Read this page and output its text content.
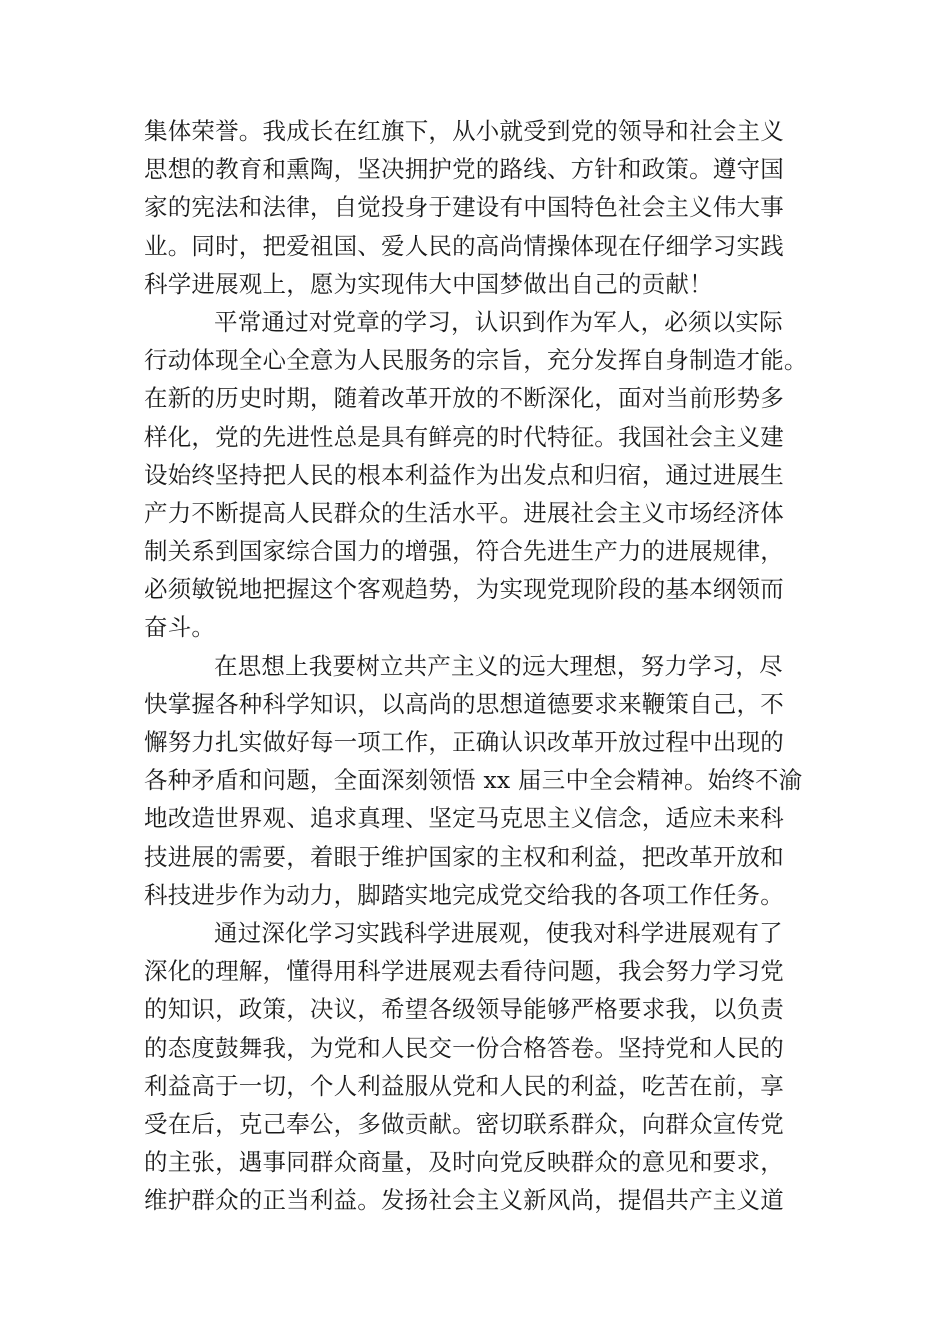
集体荣誉。我成长在红旗下，从小就受到党的领导和社会主义
思想的教育和熏陶，坚决拥护党的路线、方针和政策。遵守国
家的宪法和法律，自觉投身于建设有中国特色社会主义伟大事
业。同时，把爱祖国、爱人民的高尚情操体现在仔细学习实践
科学进展观上，愿为实现伟大中国梦做出自己的贡献！
平常通过对党章的学习，认识到作为军人，必须以实际
行动体现全心全意为人民服务的宗旨，充分发挥自身制造才能。
在新的历史时期，随着改革开放的不断深化，面对当前形势多
样化，党的先进性总是具有鲜亮的时代特征。我国社会主义建
设始终坚持把人民的根本利益作为出发点和归宿，通过进展生
产力不断提高人民群众的生活水平。进展社会主义市场经济体
制关系到国家综合国力的增强，符合先进生产力的进展规律，
必须敏锐地把握这个客观趋势，为实现党现阶段的基本纲领而
奋斗。
在思想上我要树立共产主义的远大理想，努力学习，尽
快掌握各种科学知识，以高尚的思想道德要求来鞭策自己，不
懈努力扎实做好每一项工作，正确认识改革开放过程中出现的
各种矛盾和问题，全面深刻领悟 xx 届三中全会精神。始终不渝
地改造世界观、追求真理、坚定马克思主义信念，适应未来科
技进展的需要，着眼于维护国家的主权和利益，把改革开放和
科技进步作为动力，脚踏实地完成党交给我的各项工作任务。
通过深化学习实践科学进展观，使我对科学进展观有了
深化的理解，懂得用科学进展观去看待问题，我会努力学习党
的知识，政策，决议，希望各级领导能够严格要求我，以负责
的态度鼓舞我，为党和人民交一份合格答卷。坚持党和人民的
利益高于一切，个人利益服从党和人民的利益，吃苦在前，享
受在后，克己奉公，多做贡献。密切联系群众，向群众宣传党
的主张，遇事同群众商量，及时向党反映群众的意见和要求，
维护群众的正当利益。发扬社会主义新风尚，提倡共产主义道
